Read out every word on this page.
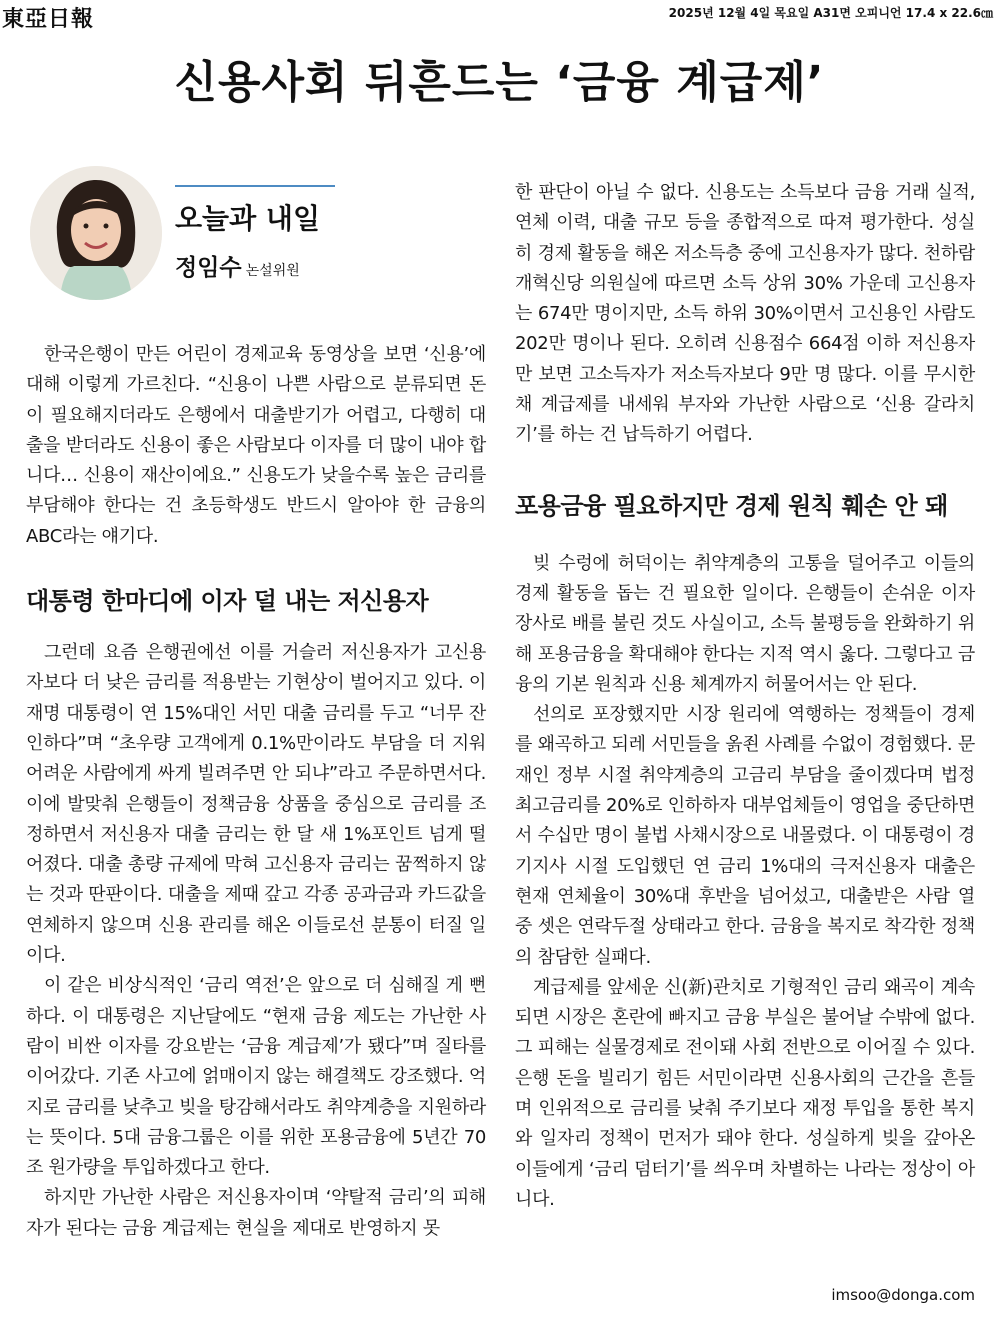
東亞日報	2025년 12월 4일 목요일 A31면 오피니언 17.4 x 22.6㎝
신용사회 뒤흔드는 ‘금융 계급제’
오늘과 내일
정임수 논설위원

한국은행이 만든 어린이 경제교육 동영상을 보면 ‘신용’에 대해 이렇게 가르친다. “신용이 나쁜 사람으로 분류되면 돈이 필요해지더라도 은행에서 대출받기가 어렵고, 다행히 대출을 받더라도 신용이 좋은 사람보다 이자를 더 많이 내야 합니다… 신용이 재산이에요.” 신용도가 낮을수록 높은 금리를 부담해야 한다는 건 초등학생도 반드시 알아야 한 금융의 ABC라는 얘기다.

대통령 한마디에 이자 덜 내는 저신용자

그런데 요즘 은행권에선 이를 거슬러 저신용자가 고신용자보다 더 낮은 금리를 적용받는 기현상이 벌어지고 있다. 이재명 대통령이 연 15%대인 서민 대출 금리를 두고 “너무 잔인하다”며 “초우량 고객에게 0.1%만이라도 부담을 더 지워 어려운 사람에게 싸게 빌려주면 안 되냐”라고 주문하면서다. 이에 발맞춰 은행들이 정책금융 상품을 중심으로 금리를 조정하면서 저신용자 대출 금리는 한 달 새 1%포인트 넘게 떨어졌다. 대출 총량 규제에 막혀 고신용자 금리는 꿈쩍하지 않는 것과 딴판이다. 대출을 제때 갚고 각종 공과금과 카드값을 연체하지 않으며 신용 관리를 해온 이들로선 분통이 터질 일이다.

이 같은 비상식적인 ‘금리 역전’은 앞으로 더 심해질 게 뻔하다. 이 대통령은 지난달에도 “현재 금융 제도는 가난한 사람이 비싼 이자를 강요받는 ‘금융 계급제’가 됐다”며 질타를 이어갔다. 기존 사고에 얽매이지 않는 해결책도 강조했다. 억지로 금리를 낮추고 빚을 탕감해서라도 취약계층을 지원하라는 뜻이다. 5대 금융그룹은 이를 위한 포용금융에 5년간 70조 원가량을 투입하겠다고 한다.

하지만 가난한 사람은 저신용자이며 ‘약탈적 금리’의 피해자가 된다는 금융 계급제는 현실을 제대로 반영하지 못

한 판단이 아닐 수 없다. 신용도는 소득보다 금융 거래 실적, 연체 이력, 대출 규모 등을 종합적으로 따져 평가한다. 성실히 경제 활동을 해온 저소득층 중에 고신용자가 많다. 천하람 개혁신당 의원실에 따르면 소득 상위 30% 가운데 고신용자는 674만 명이지만, 소득 하위 30%이면서 고신용인 사람도 202만 명이나 된다. 오히려 신용점수 664점 이하 저신용자만 보면 고소득자가 저소득자보다 9만 명 많다. 이를 무시한 채 계급제를 내세워 부자와 가난한 사람으로 ‘신용 갈라치기’를 하는 건 납득하기 어렵다.

포용금융 필요하지만 경제 원칙 훼손 안 돼

빚 수렁에 허덕이는 취약계층의 고통을 덜어주고 이들의 경제 활동을 돕는 건 필요한 일이다. 은행들이 손쉬운 이자 장사로 배를 불린 것도 사실이고, 소득 불평등을 완화하기 위해 포용금융을 확대해야 한다는 지적 역시 옳다. 그렇다고 금융의 기본 원칙과 신용 체계까지 허물어서는 안 된다.

선의로 포장했지만 시장 원리에 역행하는 정책들이 경제를 왜곡하고 되레 서민들을 옭죈 사례를 수없이 경험했다. 문재인 정부 시절 취약계층의 고금리 부담을 줄이겠다며 법정 최고금리를 20%로 인하하자 대부업체들이 영업을 중단하면서 수십만 명이 불법 사채시장으로 내몰렸다. 이 대통령이 경기지사 시절 도입했던 연 금리 1%대의 극저신용자 대출은 현재 연체율이 30%대 후반을 넘어섰고, 대출받은 사람 열 중 셋은 연락두절 상태라고 한다. 금융을 복지로 착각한 정책의 참담한 실패다.

계급제를 앞세운 신(新)관치로 기형적인 금리 왜곡이 계속되면 시장은 혼란에 빠지고 금융 부실은 불어날 수밖에 없다. 그 피해는 실물경제로 전이돼 사회 전반으로 이어질 수 있다. 은행 돈을 빌리기 힘든 서민이라면 신용사회의 근간을 흔들며 인위적으로 금리를 낮춰 주기보다 재정 투입을 통한 복지와 일자리 정책이 먼저가 돼야 한다. 성실하게 빚을 갚아온 이들에게 ‘금리 덤터기’를 씌우며 차별하는 나라는 정상이 아니다.

imsoo@donga.com
